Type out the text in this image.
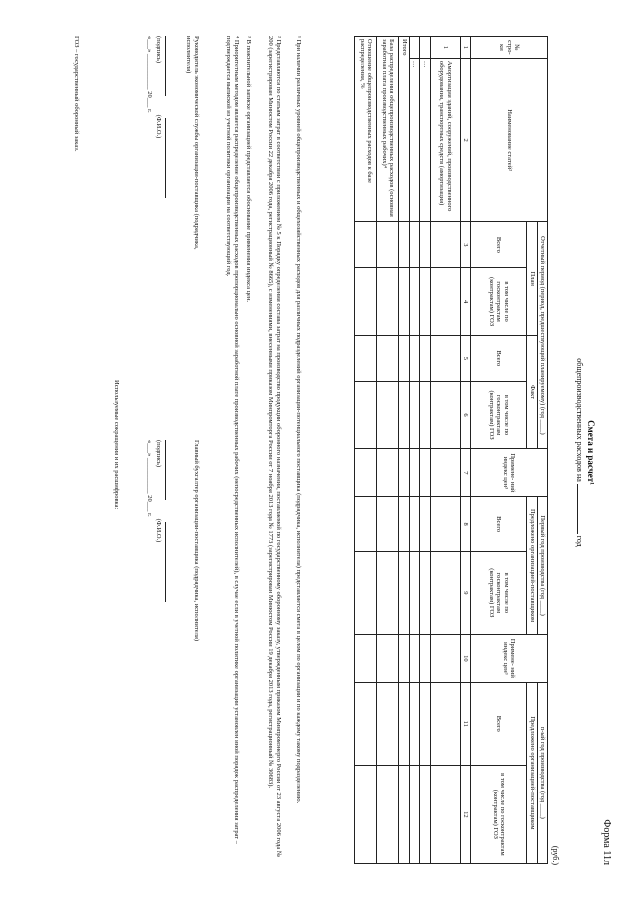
Форма 11л
Смета и расчет¹
общепроизводственных расходов на  год
(руб.)
№ стро- ки	Наименование статей²	Отчетный период (период, предшествующий планируемому) (год ____)				Примене- ний индекс цен³	Первый год производства (год ____)		Примене- ний индекс цен³	n-ый год производства (год ____)	
		План		Факт			Предложено организацией-поставщиком			Предложено организацией-поставщиком	
		Всего	в том числе по госконтрактам (контрактам) ГОЗ	Всего	в том числе по госконтрактам (контрактам) ГОЗ		Всего	в том числе по госконтрактам (контрактам) ГОЗ		Всего	в том числе по госконтрактам (контрактам) ГОЗ
1	2	3	4	5	6	7	8	9	10	11	12
1	Амортизация зданий, сооружений, производственного оборудования, транспортных средств (амортизация)										
	…										
	…										
Итого											
База распределения общепроизводственных расходов (основная заработная плата производственных рабочих)⁴											
Отношение общепроизводственных расходов к базе распределения, %											
¹ При наличии различных уровней общепроизводственных и общехозяйственных расходов для различных подразделений организации-потенциального поставщика (подрядчика, исполнителя) представляется смета в целом по организации и по каждому такому подразделению.
² Представляются по статьям затрат в соответствии с приложением № 5 к Порядку определения состава затрат на производство продукции оборонного назначения, поставляемой по государственному оборонному заказу, утвержденным приказом Минпромэнерго России от 23 августа 2006 года № 200 (зарегистрирован Минюстом России 22 декабря 2006 года, регистрационный № 8665), с изменениями, внесенными приказом Минпромторга России от 7 ноября 2013 года № 1773 (зарегистрирован Минюстом России 19 декабря 2013 года, регистрационный № 30683).
³ В пояснительной записке организацией представляется обоснование применения индекса цен.
⁴ Приоритетным методом является распределение общепроизводственных расходов пропорционально основной заработной плате производственных рабочих (непосредственных исполнителей), в случае если в учетной политике организации установлен иной порядок распределения затрат – подтверждается выпиской из учетной политики организации на соответствующий год.
Руководитель экономической службы организации-поставщика (подрядчика, исполнителя)

(подпись) (Ф.И.О.)
«___» ___________ 20___ г.
Главный бухгалтер организации-поставщика (подрядчика, исполнителя)

(подпись) (Ф.И.О.)
«___» ___________ 20___ г.
Используемые сокращения и их расшифровка:
ГОЗ – государственный оборонный заказ.
